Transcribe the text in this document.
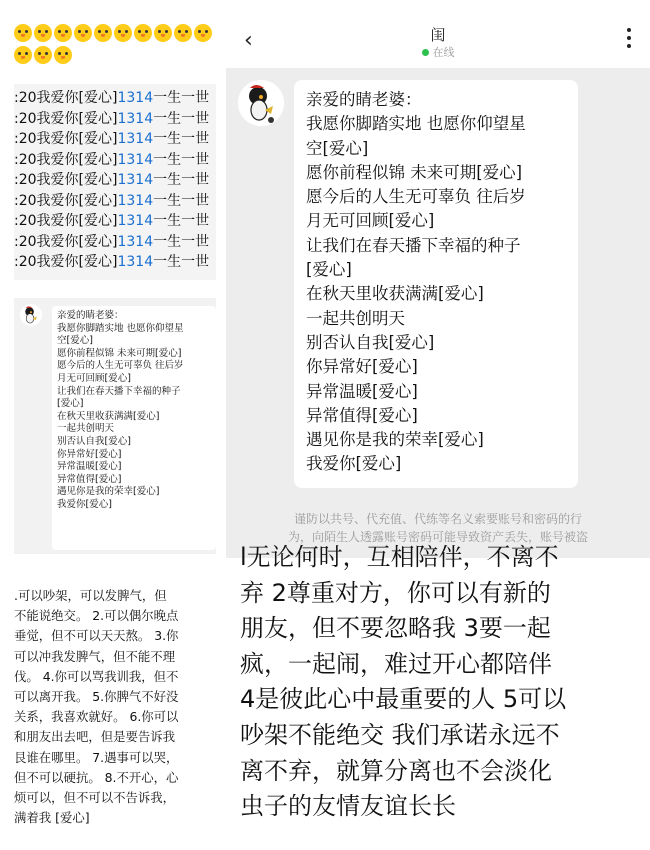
:20我爱你[爱心]1314一生一世
:20我爱你[爱心]1314一生一世
:20我爱你[爱心]1314一生一世
:20我爱你[爱心]1314一生一世
:20我爱你[爱心]1314一生一世
:20我爱你[爱心]1314一生一世
:20我爱你[爱心]1314一生一世
:20我爱你[爱心]1314一生一世
:20我爱你[爱心]1314一生一世
亲爱的睛老婆：
我愿你脚踏实地 也愿你仰望星
空[爱心]
愿你前程似锦 未来可期[爱心]
愿今后的人生无可辜负 往后岁
月无可回顾[爱心]
让我们在春天播下幸福的种子
[爱心]
在秋天里收获满满[爱心]
一起共创明天
别否认自我[爱心]
你异常好[爱心]
异常温暖[爱心]
异常值得[爱心]
遇见你是我的荣幸[爱心]
我爱你[爱心]

.可以吵架，可以发脾气，但

不能说绝交。 2.可以偶尔晚点

垂觉，但不可以天天熬。 3.你

可以冲我发脾气，但不能不理

伐。 4.你可以骂我训我，但不

可以离开我。 5.你脾气不好没

关系，我喜欢就好。 6.你可以

和朋友出去吧，但是要告诉我

艮谁在哪里。 7.遇事可以哭，

但不可以硬抗。 8.不开心，心

烦可以，但不可以不告诉我，

满着我 [爱心]

‹	闺
在线
亲爱的睛老婆：
我愿你脚踏实地 也愿你仰望星
空[爱心]
愿你前程似锦 未来可期[爱心]
愿今后的人生无可辜负 往后岁
月无可回顾[爱心]
让我们在春天播下幸福的种子
[爱心]
在秋天里收获满满[爱心]
一起共创明天
别否认自我[爱心]
你异常好[爱心]
异常温暖[爱心]
异常值得[爱心]
遇见你是我的荣幸[爱心]
我爱你[爱心]
谨防以共号、代充值、代练等名义索要账号和密码的行
为，向陌生人透露账号密码可能导致资产丢失，账号被盗

l无论何时，互相陪伴，不离不

弃 2尊重对方，你可以有新的

朋友，但不要忽略我 3要一起

疯，一起闹，难过开心都陪伴

4是彼此心中最重要的人 5可以

吵架不能绝交 我们承诺永远不

离不弃，就算分离也不会淡化

虫子的友情友谊长长
